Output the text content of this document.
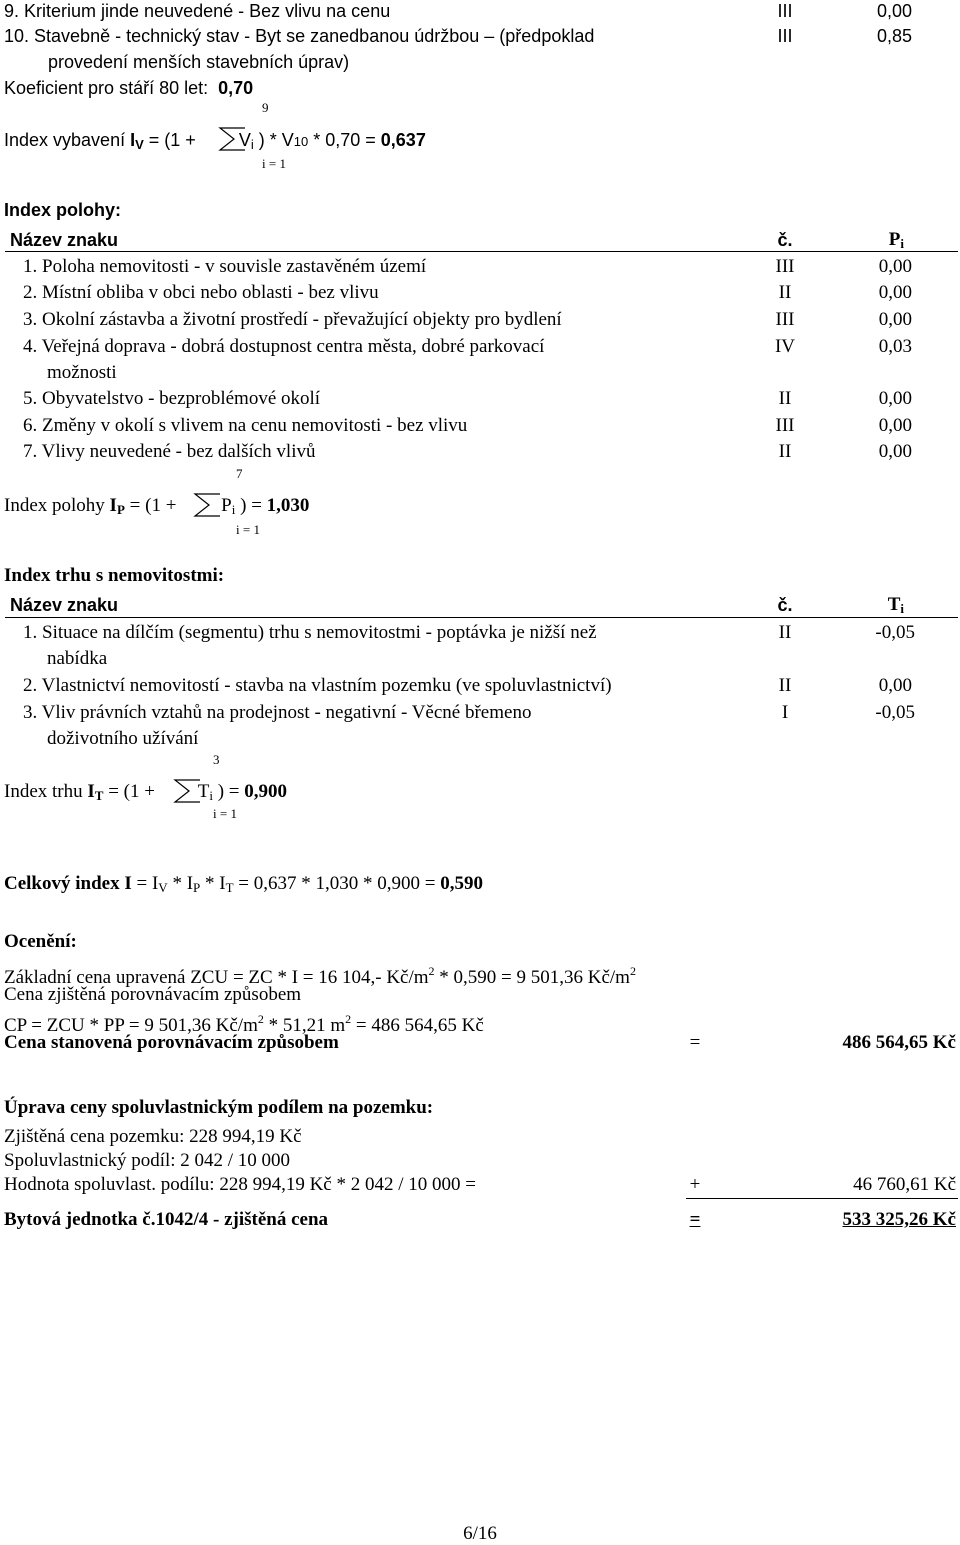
9. Kriterium jinde neuvedené - Bez vlivu na cenu	III	0,00
10. Stavebně - technický stav - Byt se zanedbanou údržbou – (předpoklad
provedení menších stavebních úprav)
III	0,85
Koeficient pro stáří 80 let: 0,70
9
Index vybavení $I_V = (1 + V_i$ ) * V10 * 0,70 = 0,637
i = 1
Index polohy:
Název znaku	č.	$P_i$
1. Poloha nemovitosti - v souvisle zastavěném území	III	0,00
2. Místní obliba v obci nebo oblasti - bez vlivu	II	0,00
3. Okolní zástavba a životní prostředí - převažující objekty pro bydlení	III	0,00
4. Veřejná doprava - dobrá dostupnost centra města, dobré parkovací
možnosti
IV	0,03
5. Obyvatelstvo - bezproblémové okolí	II	0,00
6. Změny v okolí s vlivem na cenu nemovitosti - bez vlivu	III	0,00
7. Vlivy neuvedené - bez dalších vlivů	II	0,00
7
Index polohy $I_P = (1 + P_i$ ) = 1,030
i = 1
Index trhu s nemovitostmi:
Název znaku	č.	$T_i$
1. Situace na dílčím (segmentu) trhu s nemovitostmi - poptávka je nižší než
nabídka
II	-0,05
2. Vlastnictví nemovitostí - stavba na vlastním pozemku (ve spoluvlastnictví)	II	0,00
3. Vliv právních vztahů na prodejnost - negativní - Věcné břemeno
doživotního užívání
I	-0,05
3
Index trhu $I_T = (1 + T_i$ ) = 0,900
i = 1
Celkový index $I = I_V * I_P * I_T = 0,637 * 1,030 * 0,900 = 0,590$
Ocenění:
Základní cena upravená ZCU = ZC * I = 16 104,- $Kč/m^2 * 0,590 = 9$ 501,36 $Kč/m^2$
Cena zjištěná porovnávacím způsobem
CP = ZCU * PP = 9 501,36 $Kč/m^2 * 51,21$ $m^2 = 486$ 564,65 Kč
Cena stanovená porovnávacím způsobem	=	486 564,65 Kč
Úprava ceny spoluvlastnickým podílem na pozemku:
Zjištěná cena pozemku: 228 994,19 Kč
Spoluvlastnický podíl: 2 042 / 10 000
Hodnota spoluvlast. podílu: 228 994,19 Kč * 2 042 / 10 000 =	+	46 760,61 Kč
Bytová jednotka č.1042/4 - zjištěná cena	=	533 325,26 Kč
6/16
